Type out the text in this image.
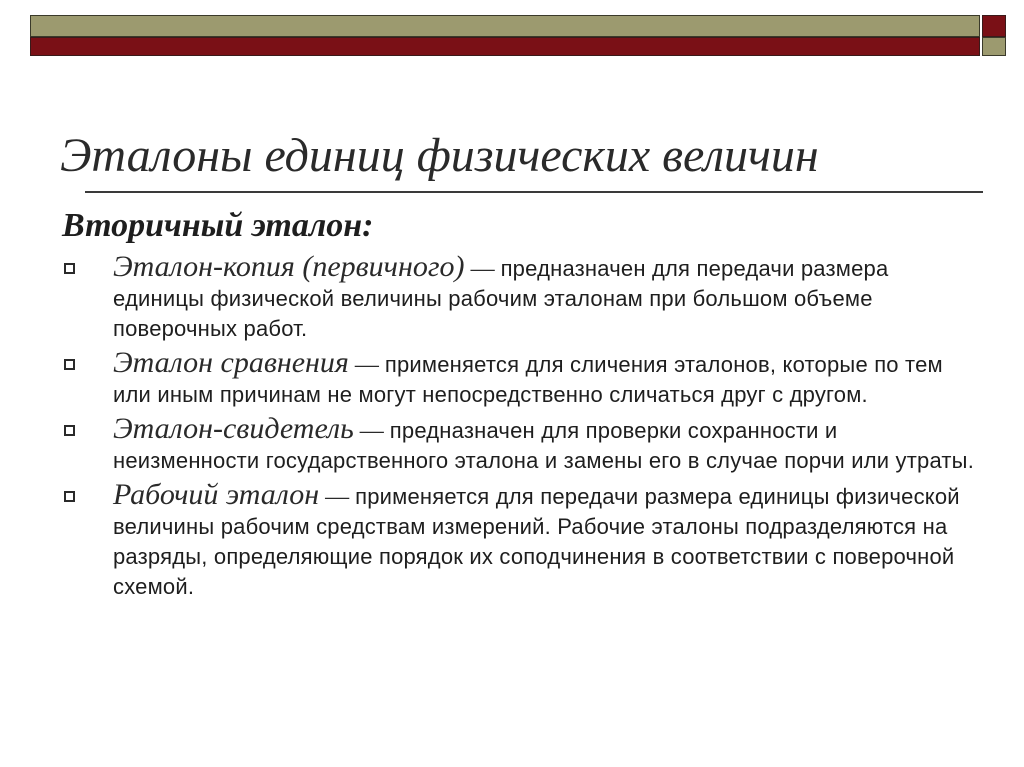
Эталоны единиц физических величин
Вторичный эталон:
Эталон-копия (первичного) — предназначен для передачи размера единицы физической величины рабочим эталонам при большом объеме поверочных работ.
Эталон сравнения — применяется для сличения эталонов, которые по тем или иным причинам не могут непосредственно сличаться друг с другом.
Эталон-свидетель — предназначен для проверки сохранности и неизменности государственного эталона и замены его в случае порчи или утраты.
Рабочий эталон — применяется для передачи размера единицы физической величины рабочим средствам измерений. Рабочие эталоны подразделяются на разряды, определяющие порядок их соподчинения в соответствии с поверочной схемой.
